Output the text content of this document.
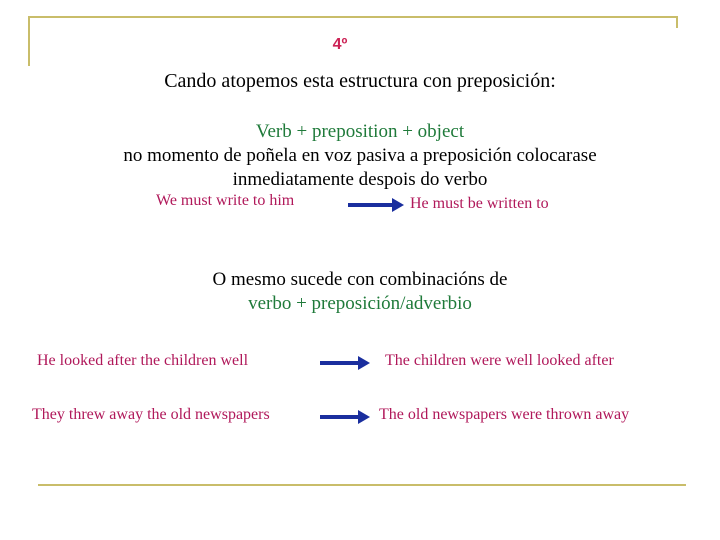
4º
Cando atopemos esta estructura con preposición:
Verb + preposition + object
no momento de poñela en voz pasiva a preposición colocarase
inmediatamente despois do verbo
We must write to him	He must be written to
O mesmo sucede con combinacións de
verbo + preposición/adverbio
He looked after the children well	The children were well looked after
They threw away the old newspapers	The old newspapers were thrown away
